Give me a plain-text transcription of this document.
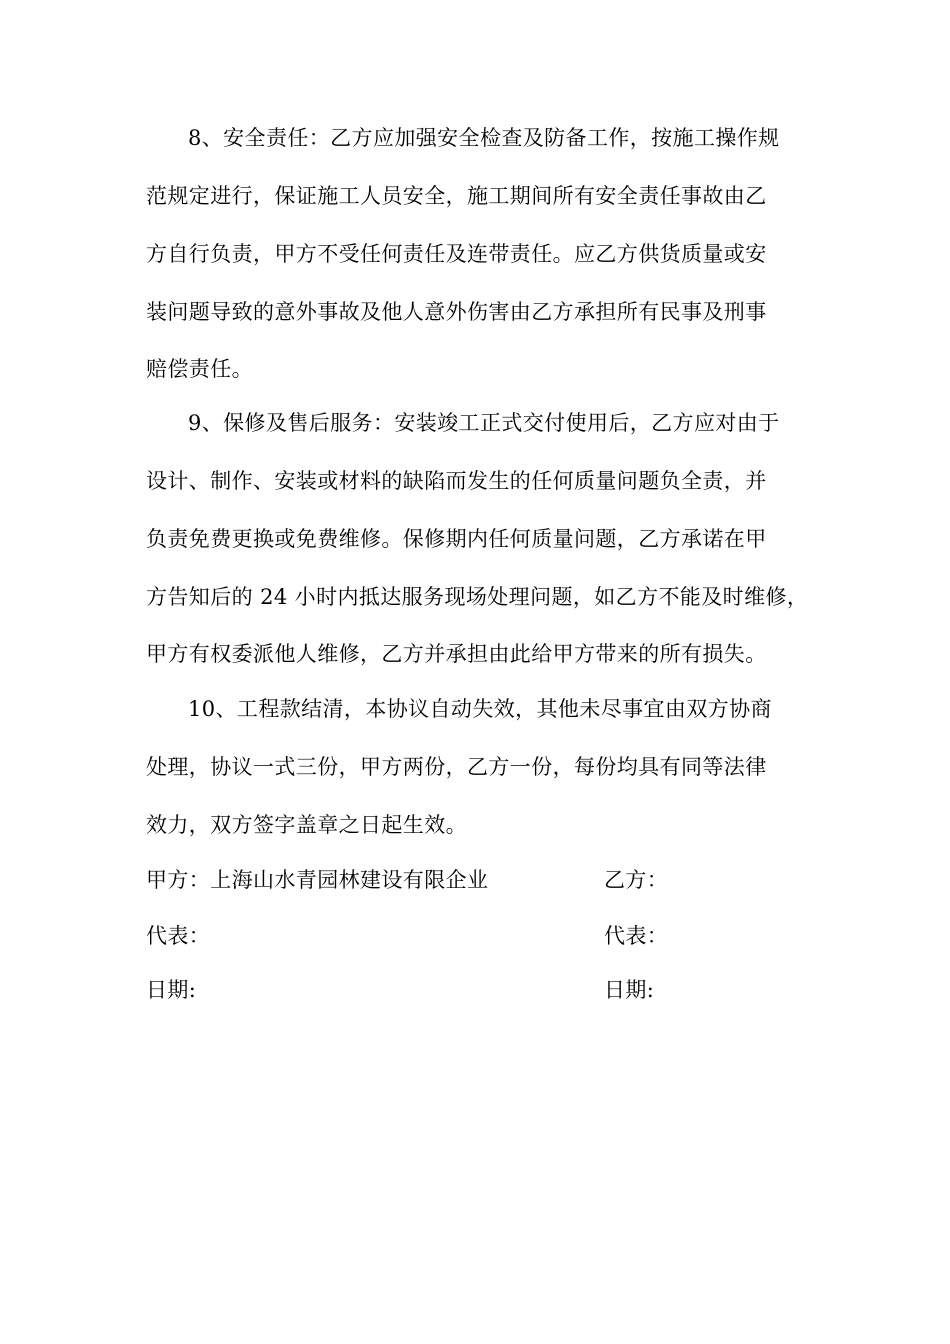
8、安全责任：乙方应加强安全检查及防备工作，按施工操作规
范规定进行，保证施工人员安全，施工期间所有安全责任事故由乙
方自行负责，甲方不受任何责任及连带责任。应乙方供货质量或安
装问题导致的意外事故及他人意外伤害由乙方承担所有民事及刑事
赔偿责任。
9、保修及售后服务：安装竣工正式交付使用后，乙方应对由于
设计、制作、安装或材料的缺陷而发生的任何质量问题负全责，并
负责免费更换或免费维修。保修期内任何质量问题，乙方承诺在甲
方告知后的 24 小时内抵达服务现场处理问题，如乙方不能及时维修，
甲方有权委派他人维修，乙方并承担由此给甲方带来的所有损失。
10、工程款结清，本协议自动失效，其他未尽事宜由双方协商
处理，协议一式三份，甲方两份，乙方一份，每份均具有同等法律
效力，双方签字盖章之日起生效。
甲方：上海山水青园林建设有限企业	乙方：
代表：	代表：
日期:	日期:
